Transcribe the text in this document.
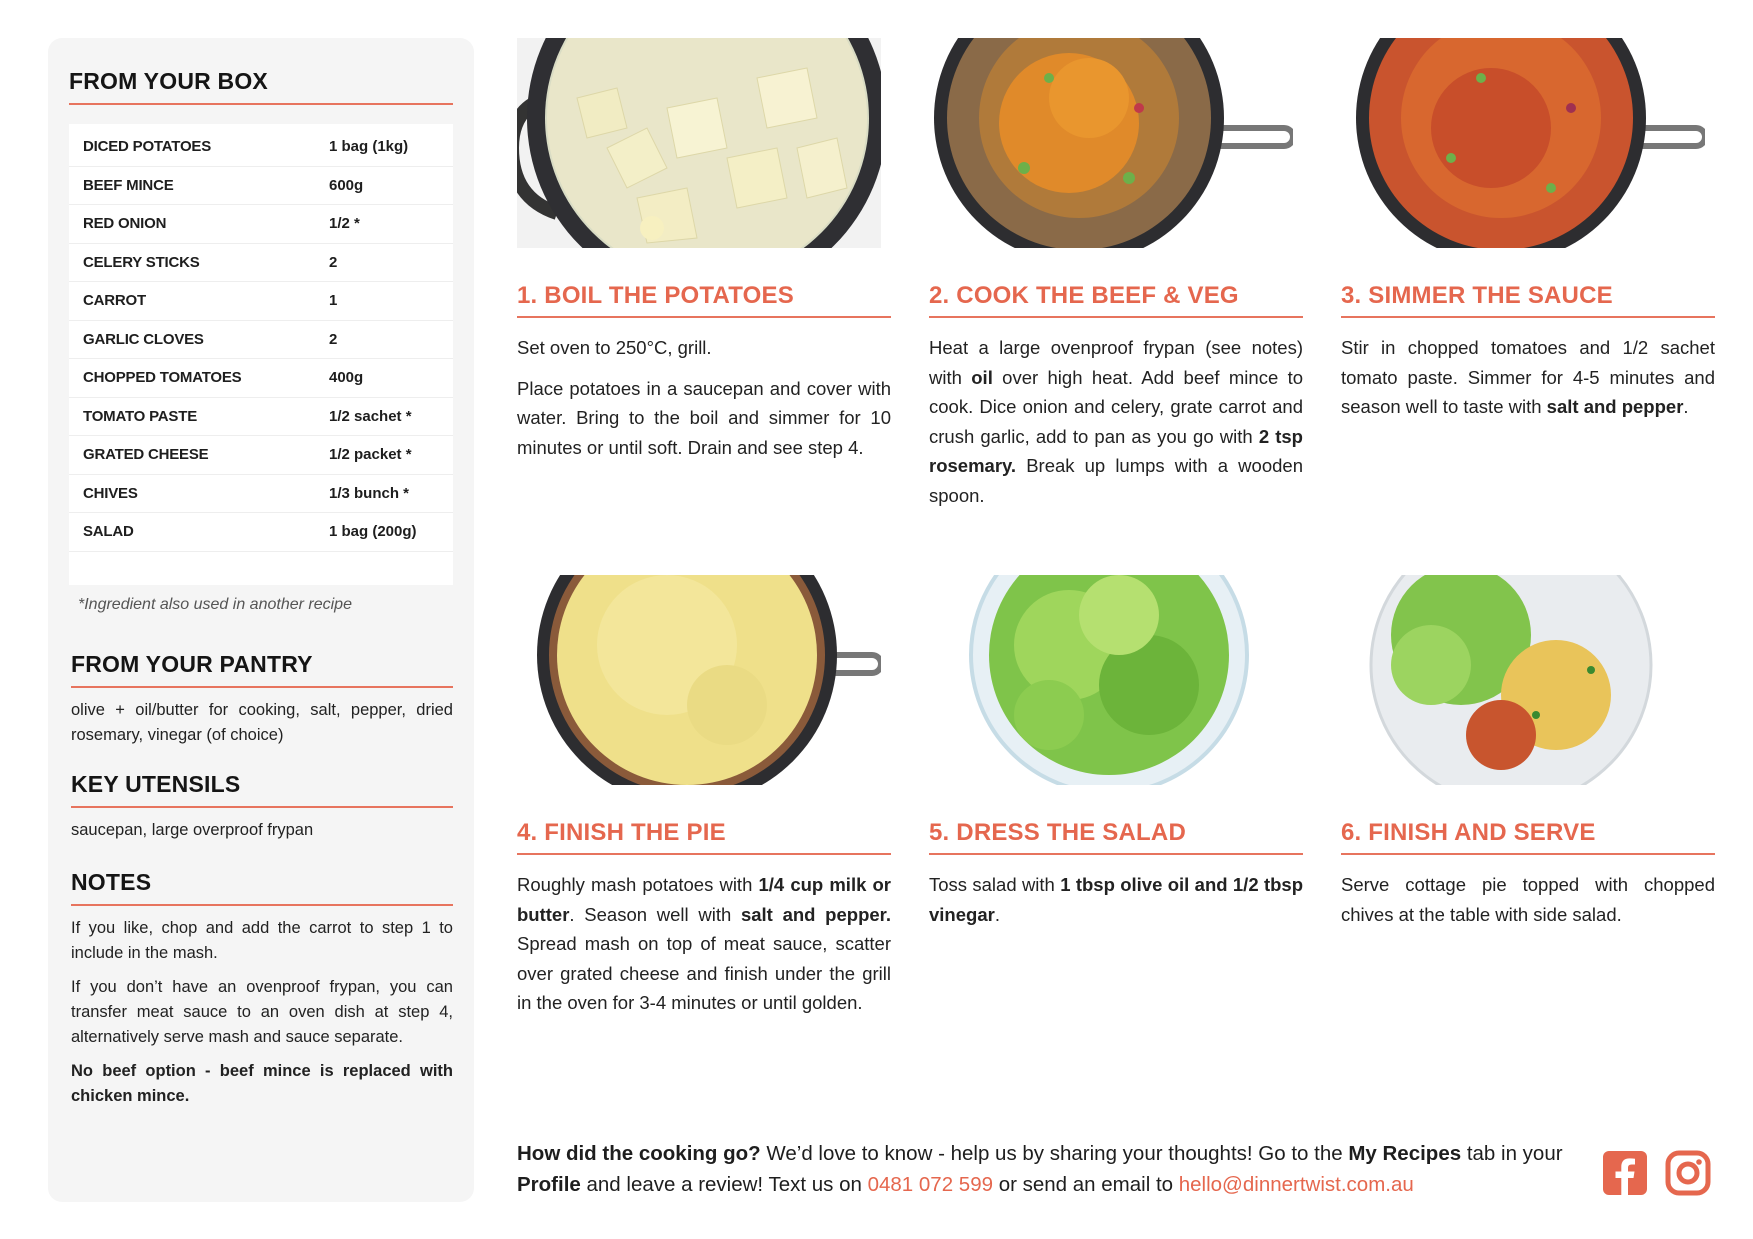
FROM YOUR BOX
DICED POTATOES	1 bag (1kg)
BEEF MINCE	600g
RED ONION	1/2 *
CELERY STICKS	2
CARROT	1
GARLIC CLOVES	2
CHOPPED TOMATOES	400g
TOMATO PASTE	1/2 sachet *
GRATED CHEESE	1/2 packet *
CHIVES	1/3 bunch *
SALAD	1 bag (200g)
*Ingredient also used in another recipe
FROM YOUR PANTRY

olive + oil/butter for cooking, salt, pepper, dried rosemary, vinegar (of choice)

KEY UTENSILS

saucepan, large overproof frypan

NOTES

If you like, chop and add the carrot to step 1 to include in the mash.

If you don’t have an ovenproof frypan, you can transfer meat sauce to an oven dish at step 4, alternatively serve mash and sauce separate.

No beef option - beef mince is replaced with chicken mince.

1. BOIL THE POTATOES

Set oven to 250°C, grill.

Place potatoes in a saucepan and cover with water. Bring to the boil and simmer for 10 minutes or until soft. Drain and see step 4.

2. COOK THE BEEF & VEG

Heat a large ovenproof frypan (see notes) with oil over high heat. Add beef mince to cook. Dice onion and celery, grate carrot and crush garlic, add to pan as you go with 2 tsp rosemary. Break up lumps with a wooden spoon.

3. SIMMER THE SAUCE

Stir in chopped tomatoes and 1/2 sachet tomato paste. Simmer for 4-5 minutes and season well to taste with salt and pepper.

4. FINISH THE PIE

Roughly mash potatoes with 1/4 cup milk or butter. Season well with salt and pepper. Spread mash on top of meat sauce, scatter over grated cheese and finish under the grill in the oven for 3-4 minutes or until golden.

5. DRESS THE SALAD

Toss salad with 1 tbsp olive oil and 1/2 tbsp vinegar.

6. FINISH AND SERVE

Serve cottage pie topped with chopped chives at the table with side salad.

How did the cooking go? We’d love to know - help us by sharing your thoughts! Go to the My Recipes tab in your Profile and leave a review! Text us on 0481 072 599 or send an email to hello@dinnertwist.com.au
